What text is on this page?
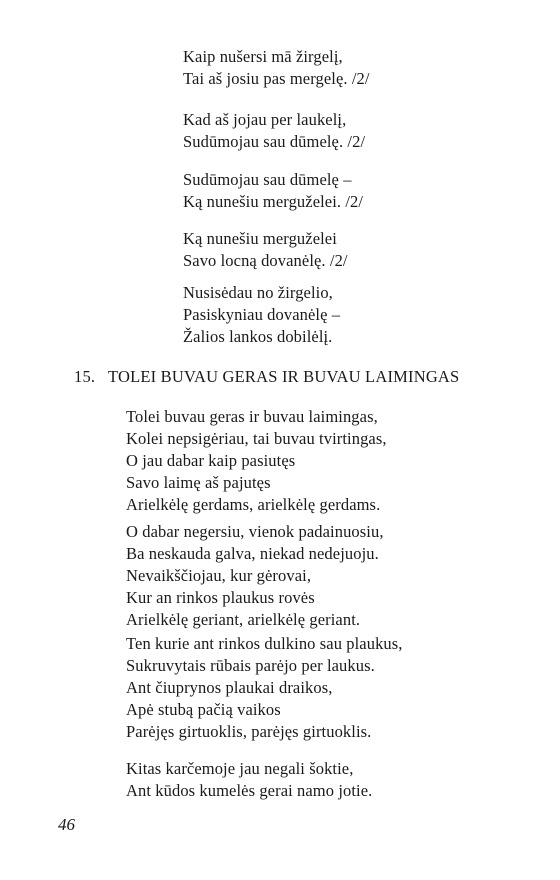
Kaip nušersi mā žirgelį,
Tai aš josiu pas mergelę. /2/
Kad aš jojau per laukelį,
Sudūmojau sau dūmelę. /2/
Sudūmojau sau dūmelę –
Ką nunešiu merguželei. /2/
Ką nunešiu merguželei
Savo locną dovanėlę. /2/
Nusisėdau no žirgelio,
Pasiskyniau dovanėlę –
Žalios lankos dobilėlį.
15. TOLEI BUVAU GERAS IR BUVAU LAIMINGAS
Tolei buvau geras ir buvau laimingas,
Kolei nepsigėriau, tai buvau tvirtingas,
O jau dabar kaip pasiutęs
Savo laimę aš pajutęs
Arielkėlę gerdams, arielkėlę gerdams.
O dabar negersiu, vienok padainuosiu,
Ba neskauda galva, niekad nedejuoju.
Nevaikščiojau, kur gėrovai,
Kur an rinkos plaukus rovės
Arielkėlę geriant, arielkėlę geriant.
Ten kurie ant rinkos dulkino sau plaukus,
Sukruvytais rūbais parėjo per laukus.
Ant čiuprynos plaukai draikos,
Apė stubą pačią vaikos
Parėjęs girtuoklis, parėjęs girtuoklis.
Kitas karčemoje jau negali šoktie,
Ant kūdos kumelės gerai namo jotie.
46
